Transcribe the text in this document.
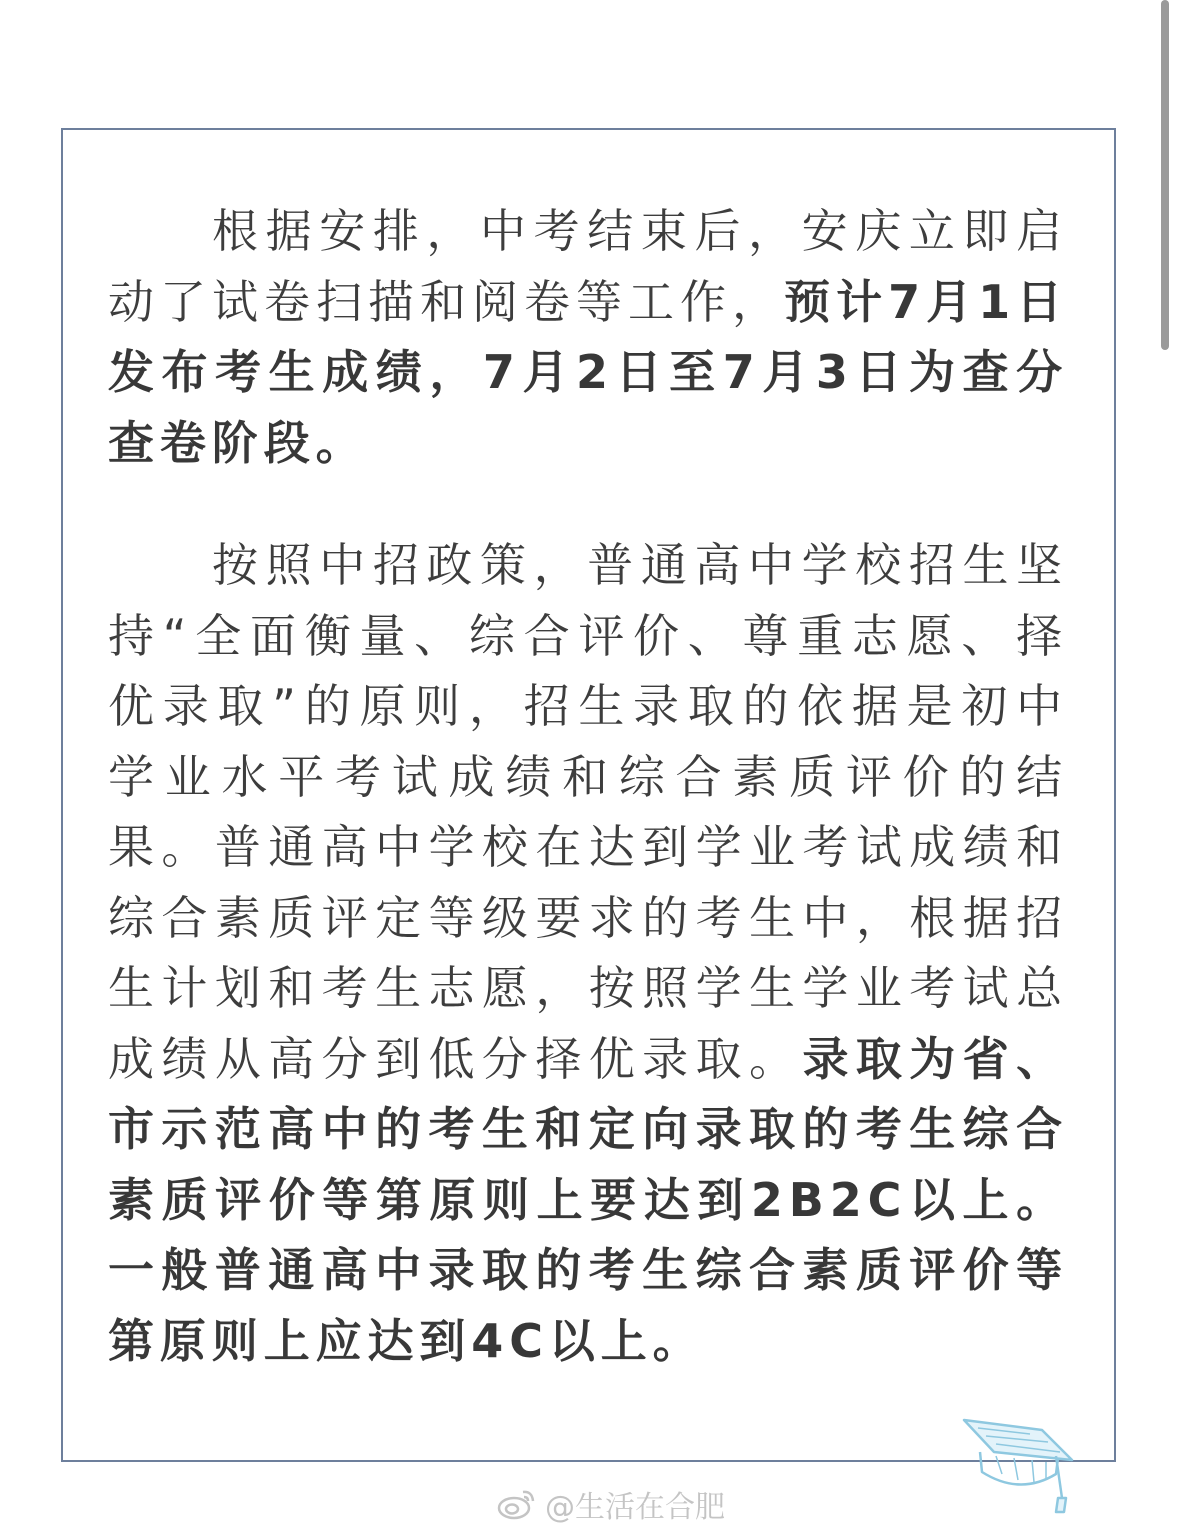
根据安排，中考结束后，安庆立即启动了试卷扫描和阅卷等工作，预计7月1日发布考生成绩，7月2日至7月3日为查分查卷阶段。

按照中招政策，普通高中学校招生坚持“全面衡量、综合评价、尊重志愿、择优录取”的原则，招生录取的依据是初中学业水平考试成绩和综合素质评价的结果。普通高中学校在达到学业考试成绩和综合素质评定等级要求的考生中，根据招生计划和考生志愿，按照学生学业考试总成绩从高分到低分择优录取。录取为省、市示范高中的考生和定向录取的考生综合素质评价等第原则上要达到2B2C以上。一般普通高中录取的考生综合素质评价等第原则上应达到4C以上。

@生活在合肥
